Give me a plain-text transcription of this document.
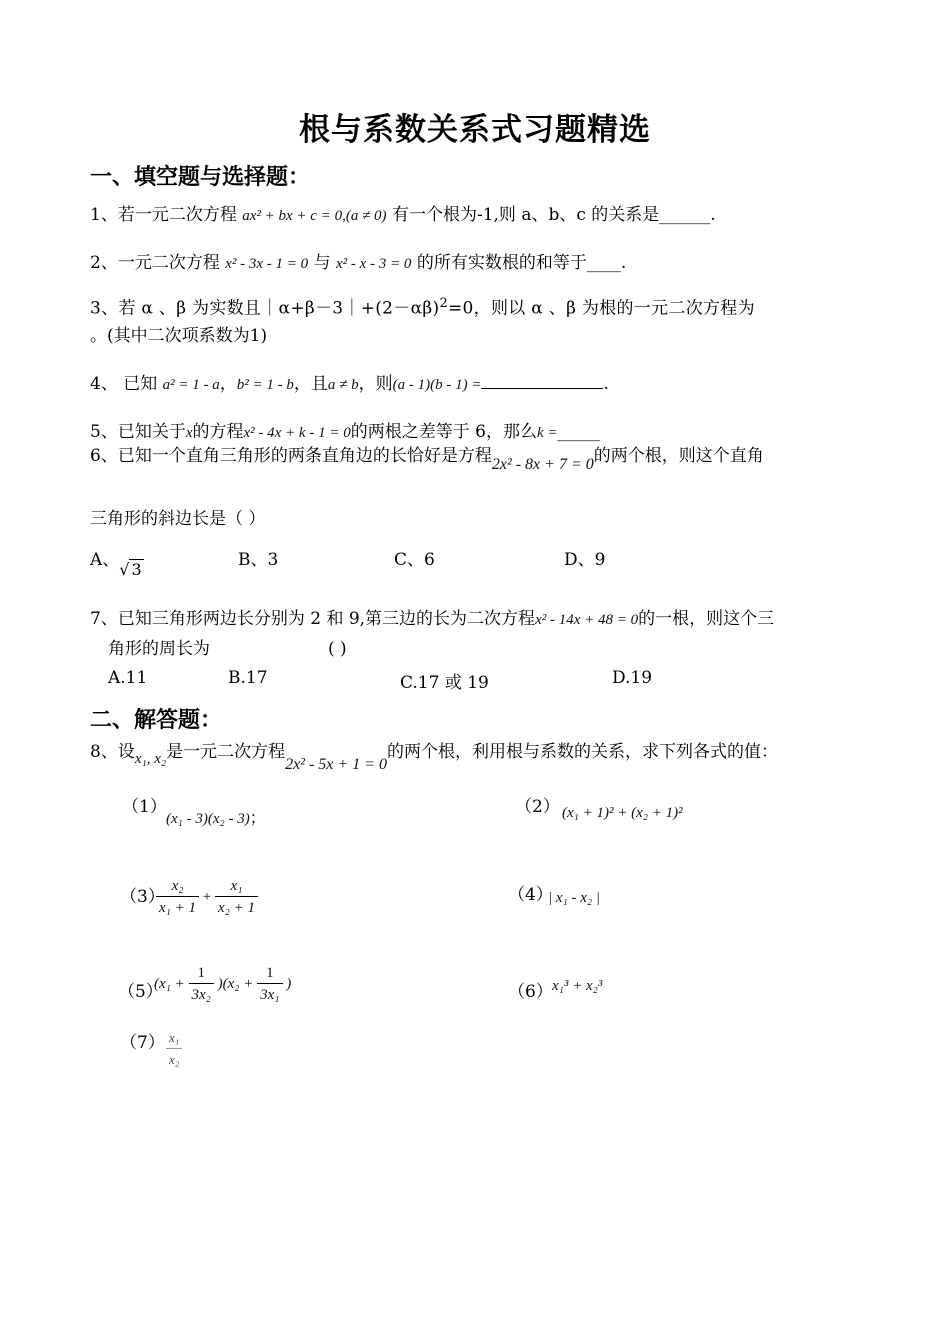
根与系数关系式习题精选
一、填空题与选择题：
1、若一元二次方程 ax² + bx + c = 0,(a ≠ 0) 有一个根为-1,则 a、b、c 的关系是______.
2、一元二次方程 x² - 3x - 1 = 0 与 x² - x - 3 = 0 的所有实数根的和等于____.
3、若 α 、β 为实数且$|\alpha+\beta-3|+(2-\alpha\beta)^2=0$，则以 α 、β 为根的一元二次方程为
。(其中二次项系数为1)
4、 已知 a² = 1 - a，b² = 1 - b，且a ≠ b，则(a - 1)(b - 1) =	.
5、已知关于x的方程x² - 4x + k - 1 = 0的两根之差等于 6，那么k =_____
6、已知一个直角三角形的两条直角边的长恰好是方程2x² - 8x + 7 = 0的两个根，则这个直角
三角形的斜边长是（ ）
A、√ 3	B、3	C、6	D、9
7、已知三角形两边长分别为 2 和 9,第三边的长为二次方程x² - 14x + 48 = 0的一根，则这个三
角形的周长为	( )
A.11	B.17	C.17 或 19	D.19
二、解答题：
8、设x₁, x₂是一元二次方程2x² - 5x + 1 = 0的两个根，利用根与系数的关系，求下列各式的值：
（1）
(x₁ - 3)(x₂ - 3)；
（2） (x₁ + 1)² + (x₂ + 1)²
（3）
$\frac{\text{x₂}}{\text{x₁ + 1}} + \frac{\text{x₁}}{\text{x₂ + 1}}$	（4）
| x₁ - x₂ |
（5）
$(x_1 + \frac{1}{\text{3x₂}} )(x_2 + \frac{1}{\text{3x₁}}$ )	（6） x₁³ + x₂³
$(7) \frac{\text{x₁}}{\text{x₂}}$
